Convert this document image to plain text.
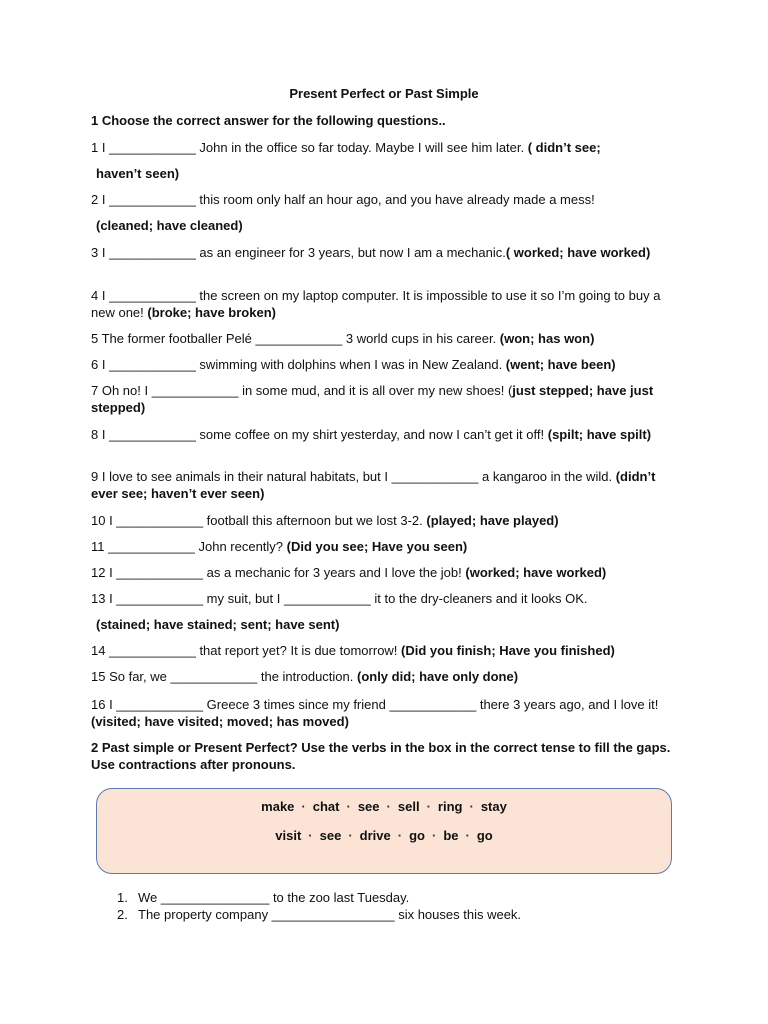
Present Perfect or Past Simple
1 Choose the correct answer for the following questions..
1 I ____________ John in the office so far today. Maybe I will see him later. ( didn’t see;
haven’t seen)
2 I ____________ this room only half an hour ago, and you have already made a mess!
(cleaned; have cleaned)
3 I ____________ as an engineer for 3 years, but now I am a mechanic.( worked; have worked)
4 I ____________ the screen on my laptop computer. It is impossible to use it so I’m going to buy a new one! (broke; have broken)
5 The former footballer Pelé ____________ 3 world cups in his career. (won; has won)
6 I ____________ swimming with dolphins when I was in New Zealand. (went; have been)
7 Oh no! I ____________ in some mud, and it is all over my new shoes! (just stepped; have just stepped)
8 I ____________ some coffee on my shirt yesterday, and now I can’t get it off! (spilt; have spilt)
9 I love to see animals in their natural habitats, but I ____________ a kangaroo in the wild. (didn’t ever see; haven’t ever seen)
10 I ____________ football this afternoon but we lost 3-2. (played; have played)
11 ____________ John recently? (Did you see; Have you seen)
12 I ____________ as a mechanic for 3 years and I love the job! (worked; have worked)
13 I ____________ my suit, but I ____________ it to the dry-cleaners and it looks OK.
(stained; have stained; sent; have sent)
14 ____________ that report yet? It is due tomorrow! (Did you finish; Have you finished)
15 So far, we ____________ the introduction. (only did; have only done)
16 I ____________ Greece 3 times since my friend ____________ there 3 years ago, and I love it! (visited; have visited; moved; has moved)
2 Past simple or Present Perfect? Use the verbs in the box in the correct tense to fill the gaps. Use contractions after pronouns.
make · chat · see · sell · ring · stay
visit · see · drive · go · be · go
1. We _______________ to the zoo last Tuesday.
2. The property company _________________ six houses this week.
